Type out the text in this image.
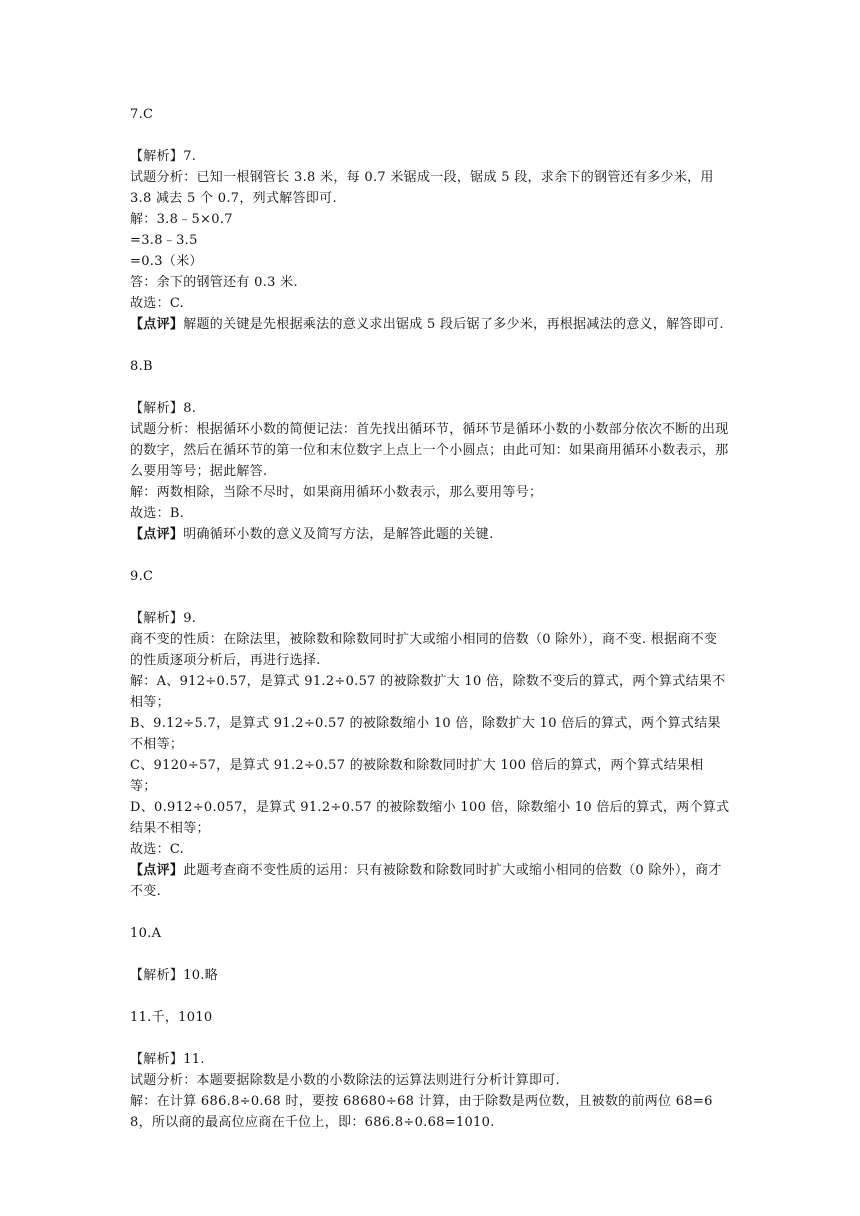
7.C
【解析】7.
试题分析：已知一根钢管长 3.8 米，每 0.7 米锯成一段，锯成 5 段，求余下的钢管还有多少米，用 3.8 减去 5 个 0.7，列式解答即可.
解：3.8﹣5×0.7
=3.8﹣3.5
=0.3（米）
答：余下的钢管还有 0.3 米.
故选：C.
【点评】解题的关键是先根据乘法的意义求出锯成 5 段后锯了多少米，再根据减法的意义，解答即可.
8.B
【解析】8.
试题分析：根据循环小数的简便记法：首先找出循环节，循环节是循环小数的小数部分依次不断的出现的数字，然后在循环节的第一位和末位数字上点上一个小圆点；由此可知：如果商用循环小数表示，那么要用等号；据此解答.
解：两数相除，当除不尽时，如果商用循环小数表示，那么要用等号；
故选：B.
【点评】明确循环小数的意义及简写方法，是解答此题的关键.
9.C
【解析】9.
商不变的性质：在除法里，被除数和除数同时扩大或缩小相同的倍数（0 除外），商不变. 根据商不变的性质逐项分析后，再进行选择.
解：A、912÷0.57，是算式 91.2÷0.57 的被除数扩大 10 倍，除数不变后的算式，两个算式结果不相等；
B、9.12÷5.7，是算式 91.2÷0.57 的被除数缩小 10 倍，除数扩大 10 倍后的算式，两个算式结果不相等；
C、9120÷57，是算式 91.2÷0.57 的被除数和除数同时扩大 100 倍后的算式，两个算式结果相等；
D、0.912÷0.057，是算式 91.2÷0.57 的被除数缩小 100 倍，除数缩小 10 倍后的算式，两个算式结果不相等；
故选：C.
【点评】此题考查商不变性质的运用：只有被除数和除数同时扩大或缩小相同的倍数（0 除外），商才不变.
10.A
【解析】10.略
11.千，1010
【解析】11.
试题分析：本题要据除数是小数的小数除法的运算法则进行分析计算即可.
解：在计算 686.8÷0.68 时，要按 68680÷68 计算，由于除数是两位数，且被数的前两位 68=68，所以商的最高位应商在千位上，即：686.8÷0.68=1010.
